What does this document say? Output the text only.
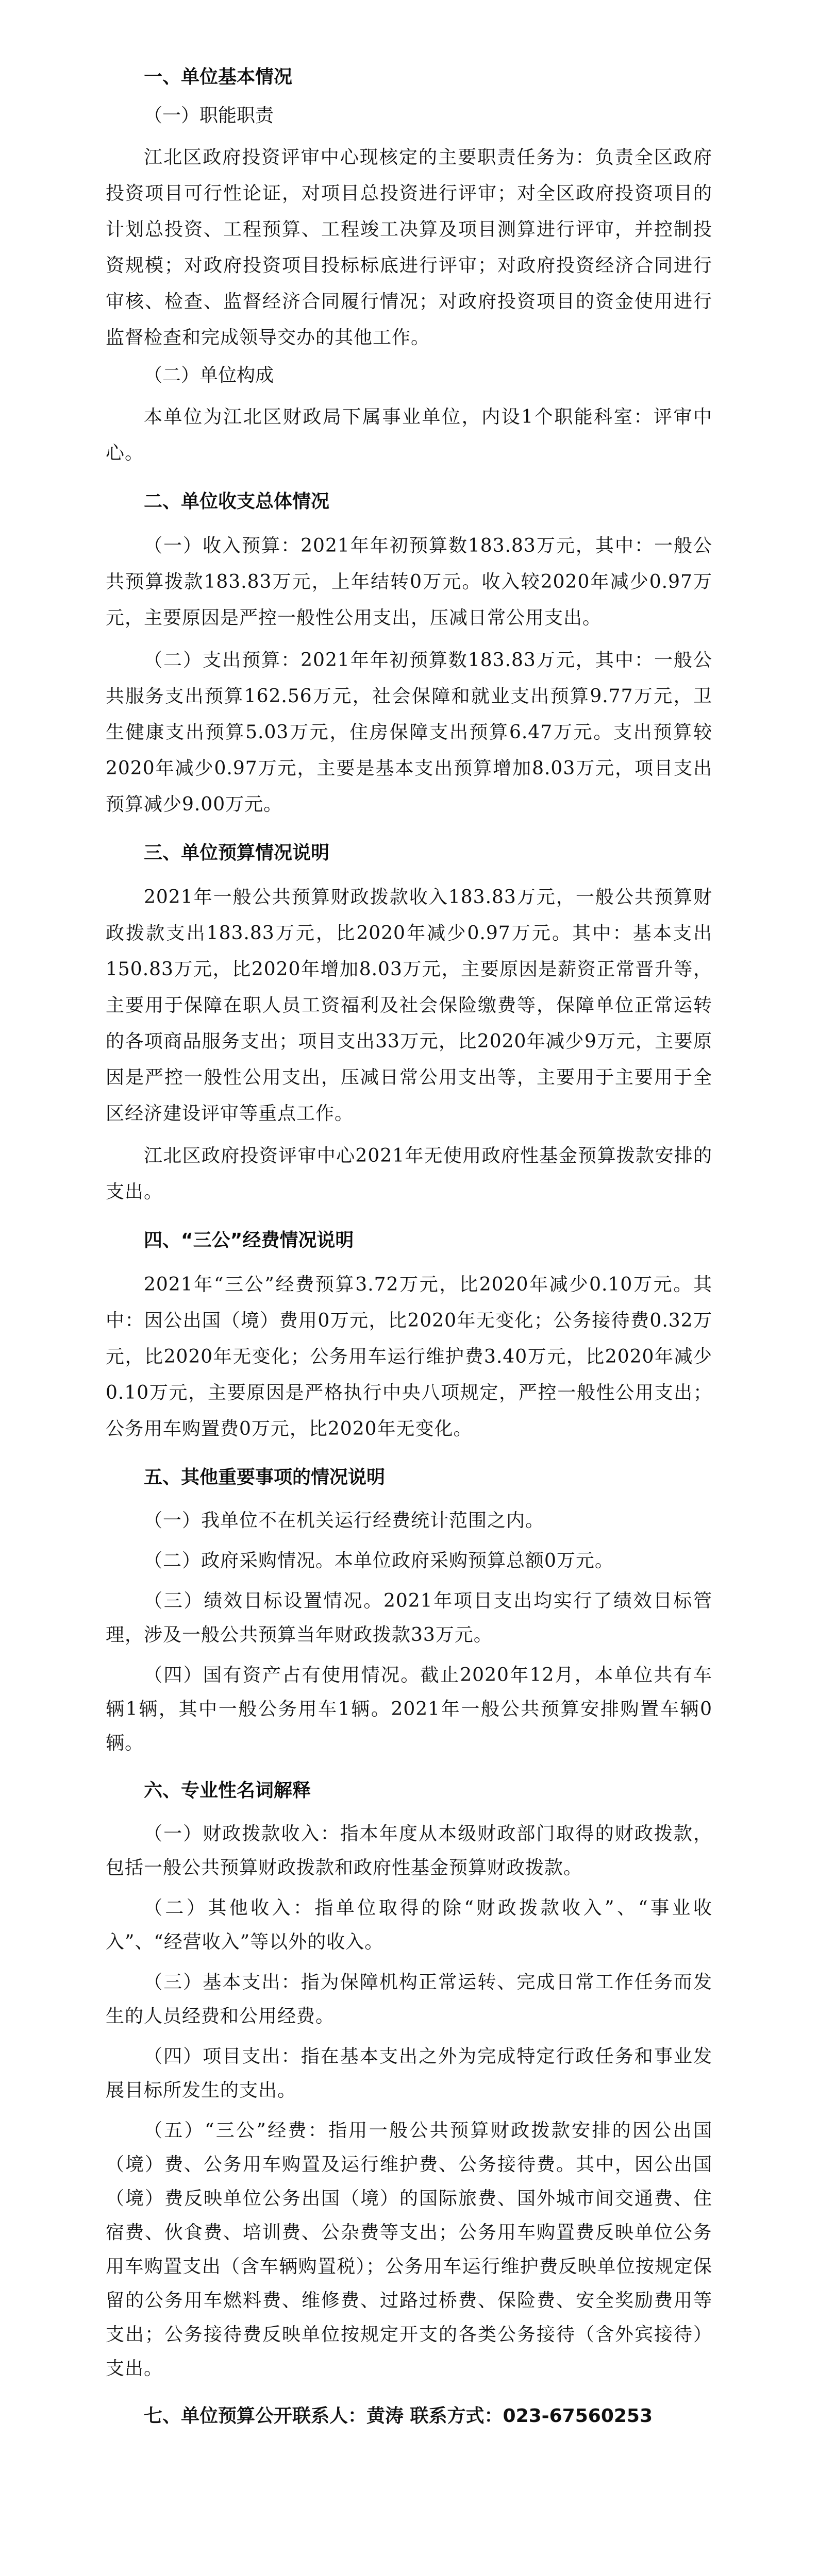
一、单位基本情况
（一）职能职责

江北区政府投资评审中心现核定的主要职责任务为：负责全区政府投资项目可行性论证，对项目总投资进行评审；对全区政府投资项目的计划总投资、工程预算、工程竣工决算及项目测算进行评审，并控制投资规模；对政府投资项目投标标底进行评审；对政府投资经济合同进行审核、检查、监督经济合同履行情况；对政府投资项目的资金使用进行监督检查和完成领导交办的其他工作。

（二）单位构成

本单位为江北区财政局下属事业单位，内设1个职能科室：评审中心。

二、单位收支总体情况

（一）收入预算：2021年年初预算数183.83万元，其中：一般公共预算拨款183.83万元，上年结转0万元。收入较2020年减少0.97万元，主要原因是严控一般性公用支出，压减日常公用支出。

（二）支出预算：2021年年初预算数183.83万元，其中：一般公共服务支出预算162.56万元，社会保障和就业支出预算9.77万元，卫生健康支出预算5.03万元，住房保障支出预算6.47万元。支出预算较2020年减少0.97万元，主要是基本支出预算增加8.03万元，项目支出预算减少9.00万元。

三、单位预算情况说明

2021年一般公共预算财政拨款收入183.83万元，一般公共预算财政拨款支出183.83万元，比2020年减少0.97万元。其中：基本支出150.83万元，比2020年增加8.03万元，主要原因是薪资正常晋升等，主要用于保障在职人员工资福利及社会保险缴费等，保障单位正常运转的各项商品服务支出；项目支出33万元，比2020年减少9万元，主要原因是严控一般性公用支出，压减日常公用支出等，主要用于主要用于全区经济建设评审等重点工作。

江北区政府投资评审中心2021年无使用政府性基金预算拨款安排的支出。

四、“三公”经费情况说明

2021年“三公”经费预算3.72万元，比2020年减少0.10万元。其中：因公出国（境）费用0万元，比2020年无变化；公务接待费0.32万元，比2020年无变化；公务用车运行维护费3.40万元，比2020年减少0.10万元，主要原因是严格执行中央八项规定，严控一般性公用支出；公务用车购置费0万元，比2020年无变化。

五、其他重要事项的情况说明

（一）我单位不在机关运行经费统计范围之内。

（二）政府采购情况。本单位政府采购预算总额0万元。

（三）绩效目标设置情况。2021年项目支出均实行了绩效目标管理，涉及一般公共预算当年财政拨款33万元。

（四）国有资产占有使用情况。截止2020年12月，本单位共有车辆1辆，其中一般公务用车1辆。2021年一般公共预算安排购置车辆0辆。

六、专业性名词解释

（一）财政拨款收入：指本年度从本级财政部门取得的财政拨款，包括一般公共预算财政拨款和政府性基金预算财政拨款。

（二）其他收入：指单位取得的除“财政拨款收入”、“事业收入”、“经营收入”等以外的收入。

（三）基本支出：指为保障机构正常运转、完成日常工作任务而发生的人员经费和公用经费。

（四）项目支出：指在基本支出之外为完成特定行政任务和事业发展目标所发生的支出。

（五）“三公”经费：指用一般公共预算财政拨款安排的因公出国（境）费、公务用车购置及运行维护费、公务接待费。其中，因公出国（境）费反映单位公务出国（境）的国际旅费、国外城市间交通费、住宿费、伙食费、培训费、公杂费等支出；公务用车购置费反映单位公务用车购置支出（含车辆购置税）；公务用车运行维护费反映单位按规定保留的公务用车燃料费、维修费、过路过桥费、保险费、安全奖励费用等支出；公务接待费反映单位按规定开支的各类公务接待（含外宾接待）支出。

七、单位预算公开联系人：黄涛 联系方式：023-67560253
